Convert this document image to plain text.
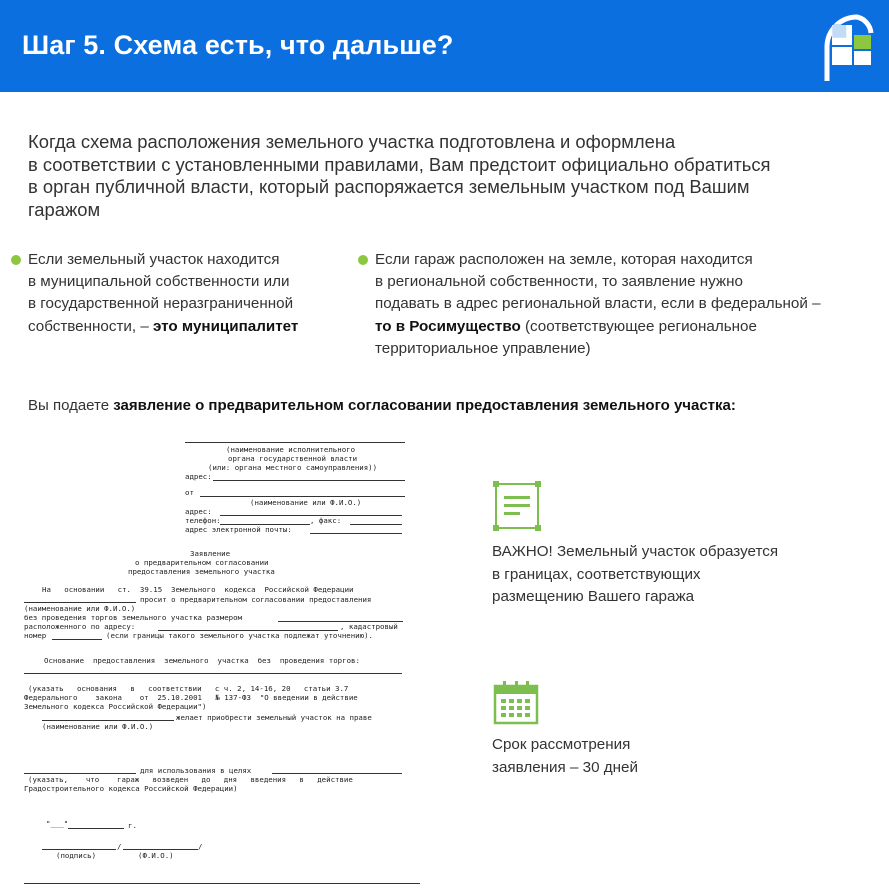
Шаг 5. Схема есть, что дальше?
Когда схема расположения земельного участка подготовлена и оформлена
в соответствии с установленными правилами, Вам предстоит официально обратиться
в орган публичной власти, который распоряжается земельным участком под Вашим
гаражом
Если земельный участок находится
в муниципальной собственности или
в государственной неразграниченной
собственности, – это муниципалитет
Если гараж расположен на земле, которая находится
в региональной собственности, то заявление нужно
подавать в адрес региональной власти, если в федеральной –
то в Росимущество (соответствующее региональное
территориальное управление)
Вы подаете заявление о предварительном согласовании предоставления земельного участка:
(наименование исполнительного
органа государственной власти
(или: органа местного самоуправления))
адрес:
от
(наименование или Ф.И.О.)
адрес:
телефон:	, факс:
адрес электронной почты:
Заявление
о предварительном согласовании
предоставления земельного участка
На   основании   ст.  39.15  Земельного  кодекса  Российской Федерации
просит о предварительном согласовании предоставления
(наименование или Ф.И.О.)
без проведения торгов земельного участка размером
расположенного по адресу:	, кадастровый
номер	(если границы такого земельного участка подлежат уточнению).
Основание  предоставления  земельного  участка  без  проведения торгов:
(указать   основания   в   соответствии   с ч. 2, 14-16, 20   статьи 3.7
Федерального    закона    от  25.10.2001   № 137-ФЗ  "О введении в действие
Земельного кодекса Российской Федерации")
желает приобрести земельный участок на праве
(наименование или Ф.И.О.)
для использования в целях
(указать,    что    гараж   возведен   до   дня   введения   в   действие
Градостроительного кодекса Российской Федерации)
"___"	г.
/	/
(подпись)	(Ф.И.О.)
ВАЖНО! Земельный участок образуется
в границах, соответствующих
размещению Вашего гаража
Срок рассмотрения
заявления – 30 дней
